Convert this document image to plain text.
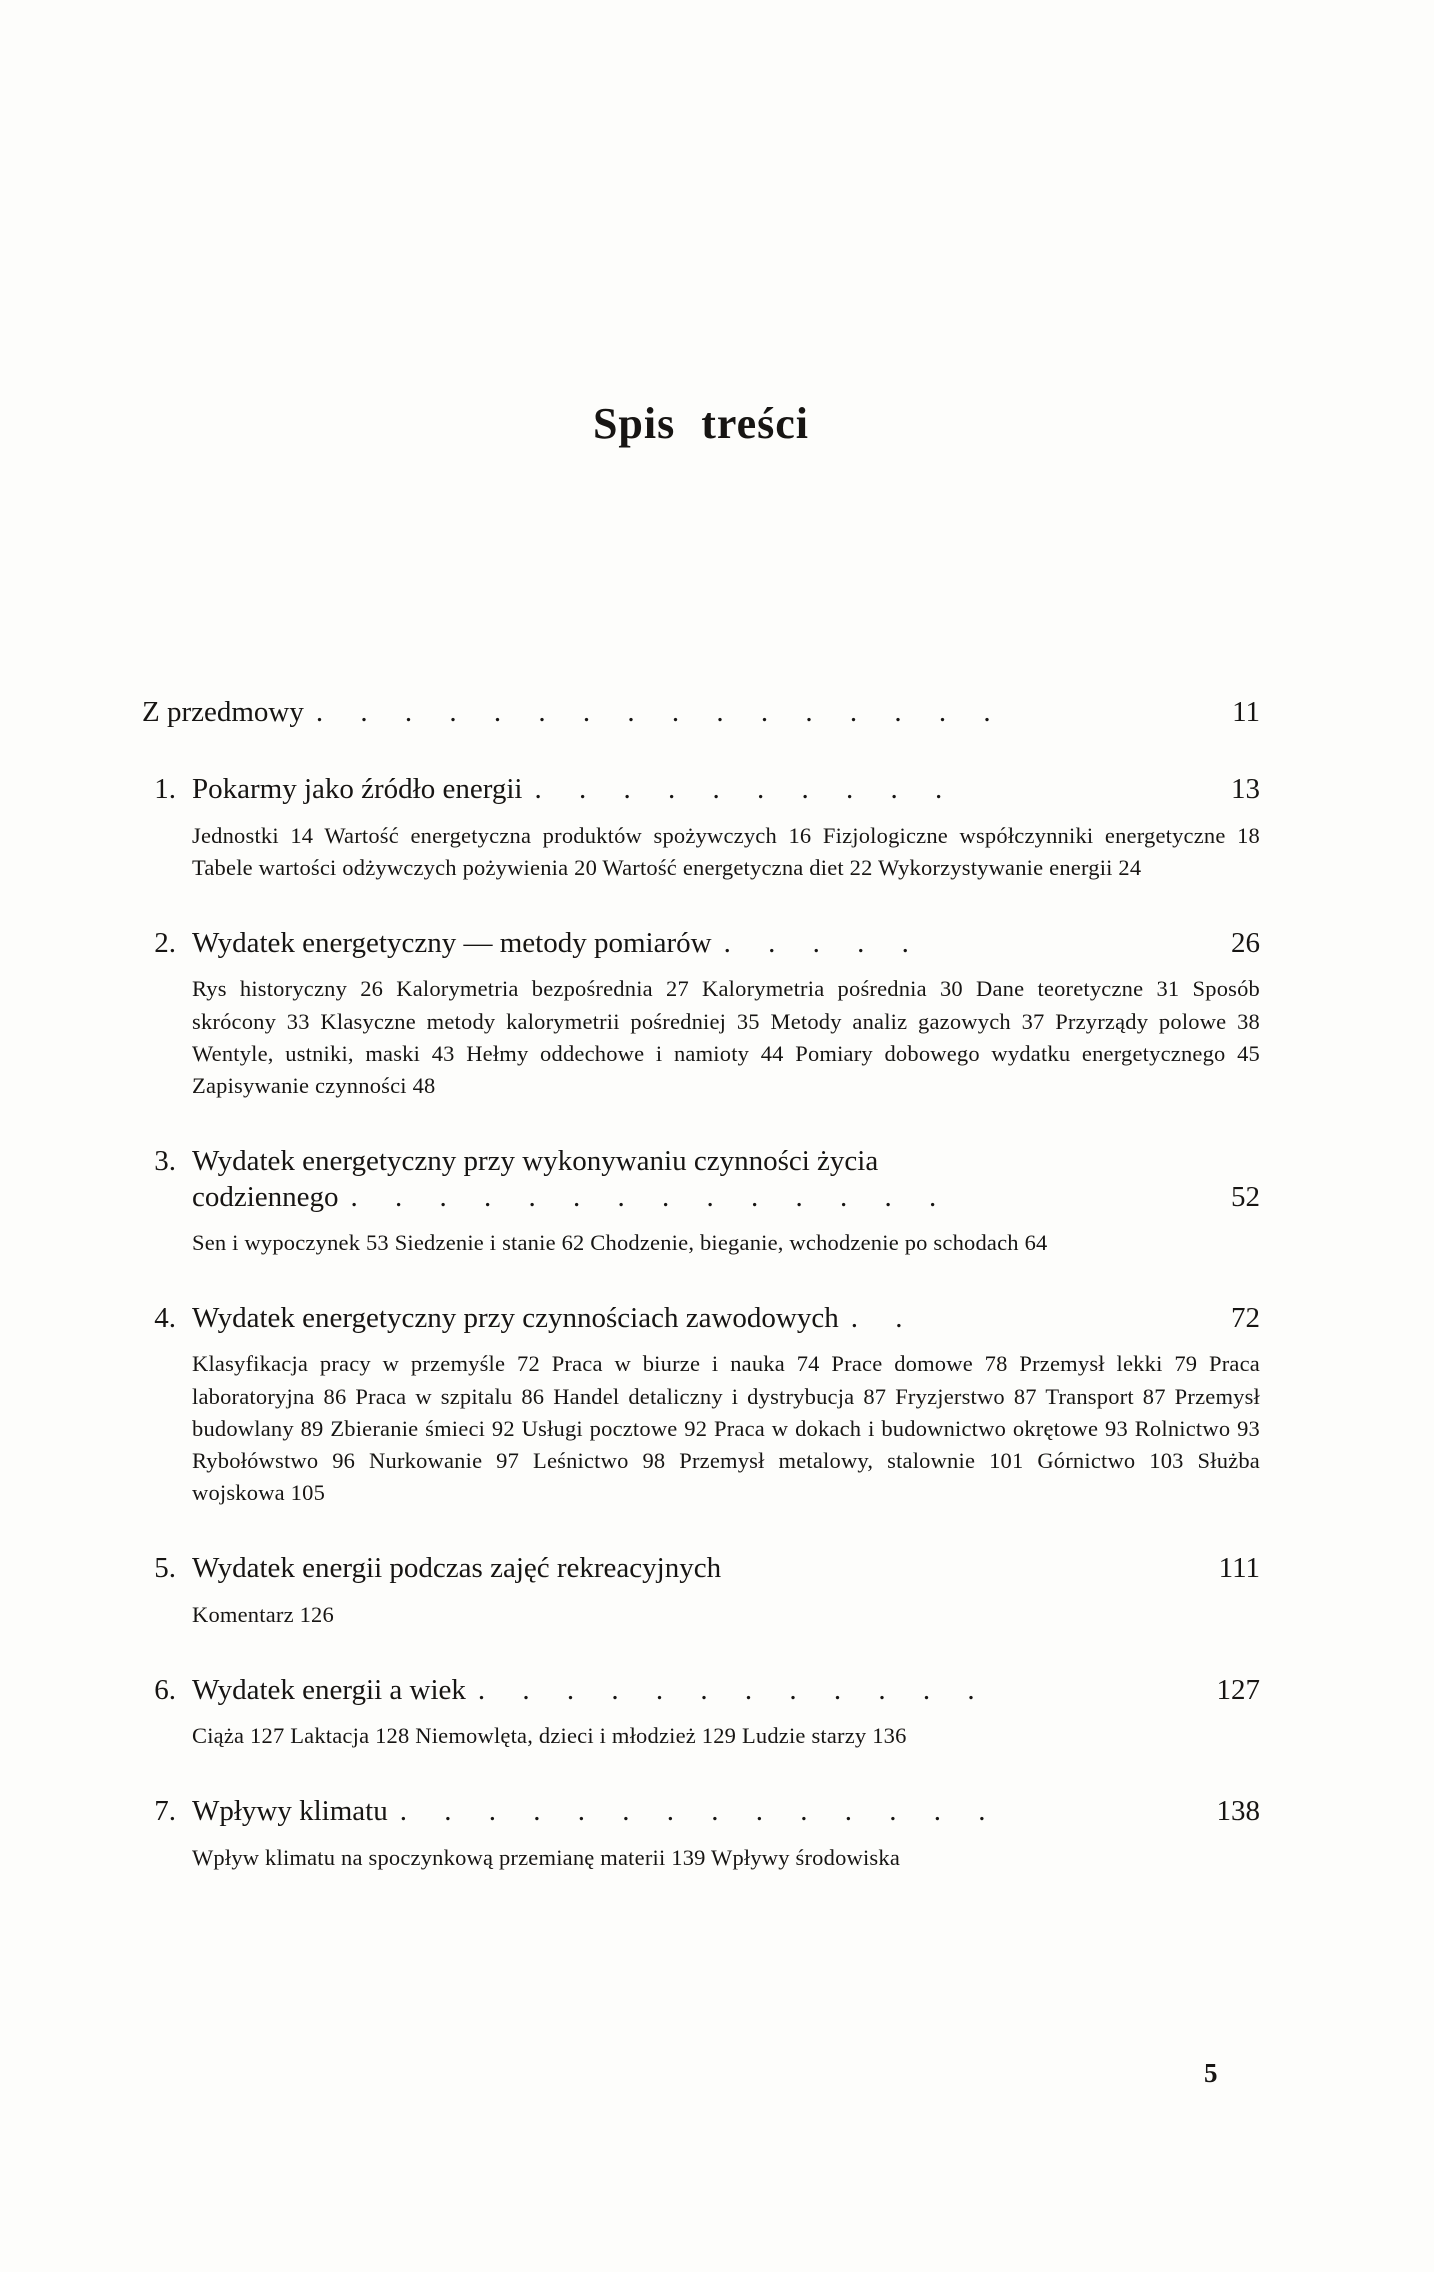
Spis treści
Z przedmowy . . . . . . . . . . . . . . . .	11
1. Pokarmy jako źródło energii . . . . . . . . . .	13

Jednostki 14 Wartość energetyczna produktów spożywczych 16 Fizjologiczne współczynniki energetyczne 18 Tabele wartości odżywczych pożywienia 20 Wartość energetyczna diet 22 Wykorzystywanie energii 24

2. Wydatek energetyczny — metody pomiarów . . . . .	26

Rys historyczny 26 Kalorymetria bezpośrednia 27 Kalorymetria pośrednia 30 Dane teoretyczne 31 Sposób skrócony 33 Klasyczne metody kalorymetrii pośredniej 35 Metody analiz gazowych 37 Przyrządy polowe 38 Wentyle, ustniki, maski 43 Hełmy oddechowe i namioty 44 Pomiary dobowego wydatku energetycznego 45 Zapisywanie czynności 48

3. Wydatek energetyczny przy wykonywaniu czynności życia codziennego . . . . . . . . . . . . . .	52

Sen i wypoczynek 53 Siedzenie i stanie 62 Chodzenie, bieganie, wchodzenie po schodach 64

4. Wydatek energetyczny przy czynnościach zawodowych . .	72

Klasyfikacja pracy w przemyśle 72 Praca w biurze i nauka 74 Prace domowe 78 Przemysł lekki 79 Praca laboratoryjna 86 Praca w szpitalu 86 Handel detaliczny i dystrybucja 87 Fryzjerstwo 87 Transport 87 Przemysł budowlany 89 Zbieranie śmieci 92 Usługi pocztowe 92 Praca w dokach i budownictwo okrętowe 93 Rolnictwo 93 Rybołówstwo 96 Nurkowanie 97 Leśnictwo 98 Przemysł metalowy, stalownie 101 Górnictwo 103 Służba wojskowa 105

5. Wydatek energii podczas zajęć rekreacyjnych	111

Komentarz 126

6. Wydatek energii a wiek . . . . . . . . . . . .	127

Ciąża 127 Laktacja 128 Niemowlęta, dzieci i młodzież 129 Ludzie starzy 136

7. Wpływy klimatu . . . . . . . . . . . . . .	138

Wpływ klimatu na spoczynkową przemianę materii 139 Wpływy środowiska

5
